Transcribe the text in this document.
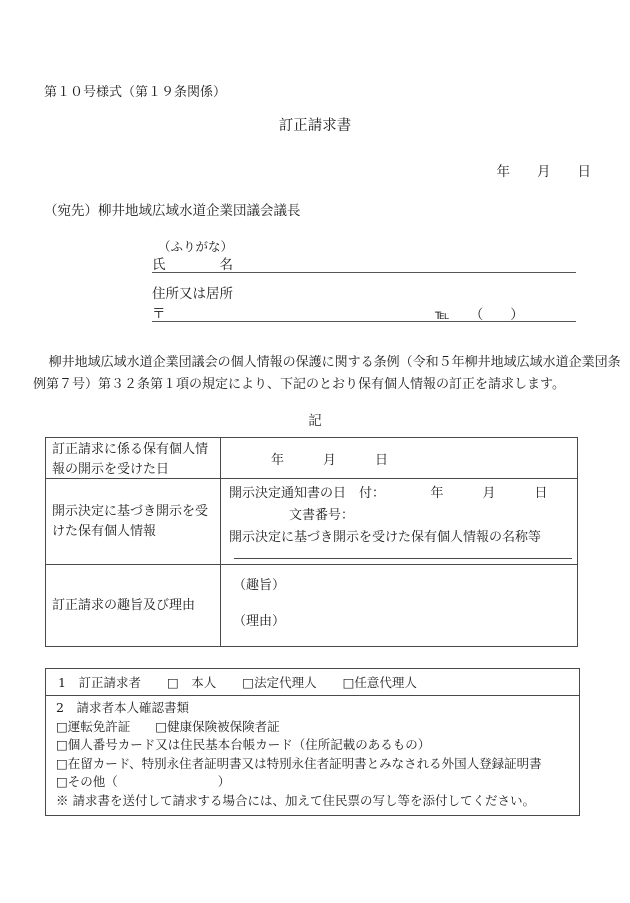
第１０号様式（第１９条関係）
訂正請求書
年　　月　　日
（宛先）柳井地域広域水道企業団議会議長
（ふりがな）
氏　　　　名
住所又は居所
〒	℡　　（　　）
柳井地域広域水道企業団議会の個人情報の保護に関する条例（令和５年柳井地域広域水道企業団条
例第７号）第３２条第１項の規定により、下記のとおり保有個人情報の訂正を請求します。
記
訂正請求に係る保有個人情報の開示を受けた日
年　　　月　　　日
開示決定に基づき開示を受けた保有個人情報
開示決定通知書の日　付：　　　　年　　　月　　　日
文書番号：
開示決定に基づき開示を受けた保有個人情報の名称等
訂正請求の趣旨及び理由
（趣旨）
（理由）
1　訂正請求者 □　本人 □法定代理人 □任意代理人
2　請求者本人確認書類
□運転免許証　　□健康保険被保険者証
□個人番号カード又は住民基本台帳カード（住所記載のあるもの）
□在留カード、特別永住者証明書又は特別永住者証明書とみなされる外国人登録証明書
□その他（　　　　　　　　）
※ 請求書を送付して請求する場合には、加えて住民票の写し等を添付してください。
